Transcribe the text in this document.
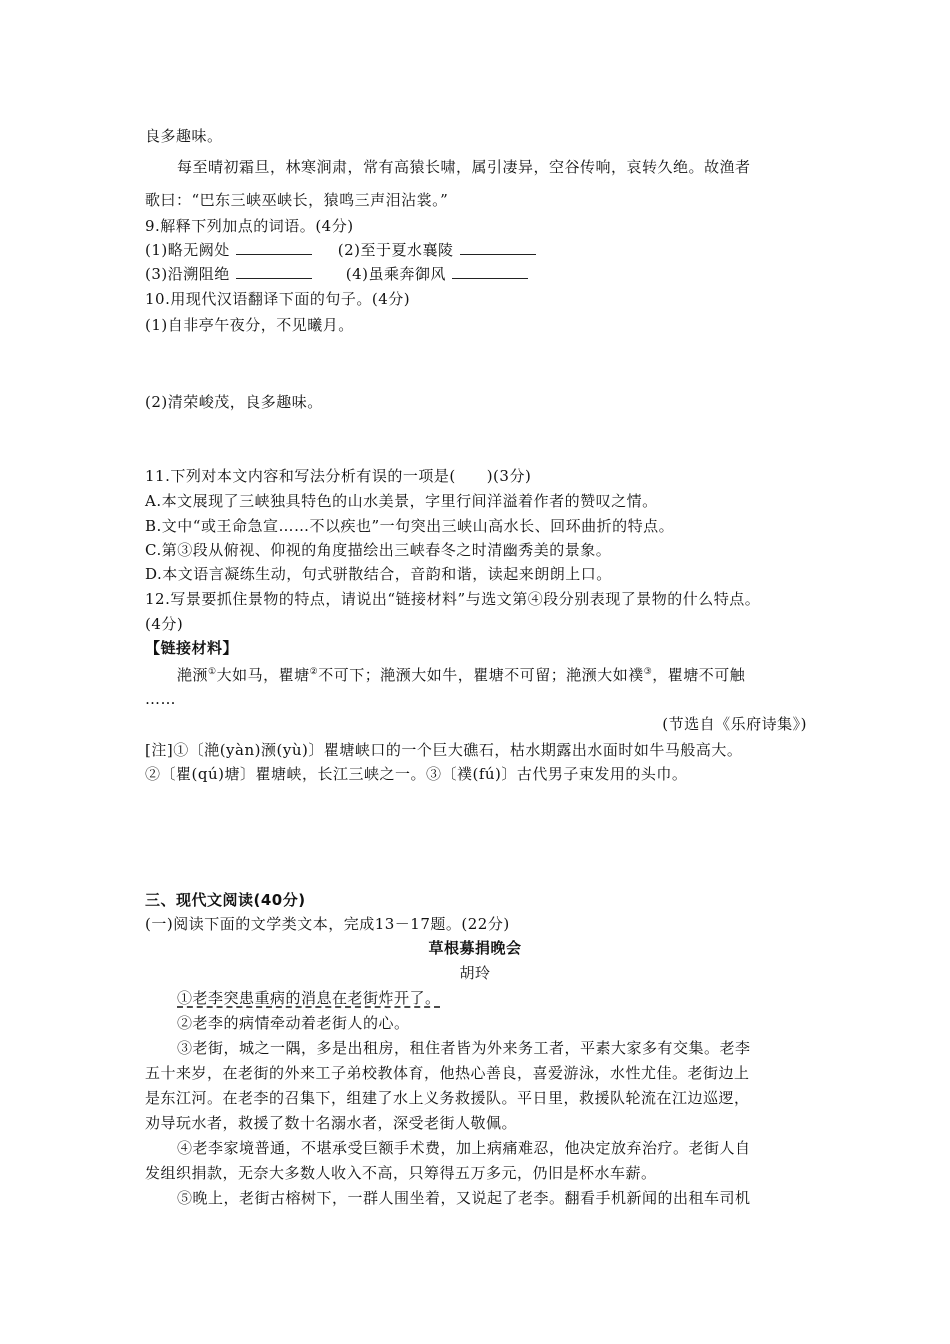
良多趣味。
每至晴初霜旦，林寒涧肃，常有高猿长啸，属引凄异，空谷传响，哀转久绝。故渔者
歌曰：“巴东三峡巫峡长，猿鸣三声泪沾裳。”
9.解释下列加点的词语。(4分)
(1)略无阙处	(2)至于夏水襄陵
(3)沿溯阻绝	(4)虽乘奔御风
10.用现代汉语翻译下面的句子。(4分)
(1)自非亭午夜分，不见曦月。
(2)清荣峻茂，良多趣味。
11.下列对本文内容和写法分析有误的一项是(　　)(3分)
A.本文展现了三峡独具特色的山水美景，字里行间洋溢着作者的赞叹之情。
B.文中“或王命急宣……不以疾也”一句突出三峡山高水长、回环曲折的特点。
C.第③段从俯视、仰视的角度描绘出三峡春冬之时清幽秀美的景象。
D.本文语言凝练生动，句式骈散结合，音韵和谐，读起来朗朗上口。
12.写景要抓住景物的特点，请说出“链接材料”与选文第④段分别表现了景物的什么特点。
(4分)
【链接材料】
滟滪①大如马，瞿塘②不可下；滟滪大如牛，瞿塘不可留；滟滪大如襆③，瞿塘不可触
……
(节选自《乐府诗集》)
[注]①〔滟(yàn)滪(yù)〕瞿塘峡口的一个巨大礁石，枯水期露出水面时如牛马般高大。
②〔瞿(qú)塘〕瞿塘峡，长江三峡之一。③〔襆(fú)〕古代男子束发用的头巾。
三、现代文阅读(40分)
(一)阅读下面的文学类文本，完成13－17题。(22分)
草根募捐晚会
胡玲
①老李突患重病的消息在老街炸开了。
②老李的病情牵动着老街人的心。
③老街，城之一隅，多是出租房，租住者皆为外来务工者，平素大家多有交集。老李
五十来岁，在老街的外来工子弟校教体育，他热心善良，喜爱游泳，水性尤佳。老街边上
是东江河。在老李的召集下，组建了水上义务救援队。平日里，救援队轮流在江边巡逻，
劝导玩水者，救援了数十名溺水者，深受老街人敬佩。
④老李家境普通，不堪承受巨额手术费，加上病痛难忍，他决定放弃治疗。老街人自
发组织捐款，无奈大多数人收入不高，只筹得五万多元，仍旧是杯水车薪。
⑤晚上，老街古榕树下，一群人围坐着，又说起了老李。翻看手机新闻的出租车司机
